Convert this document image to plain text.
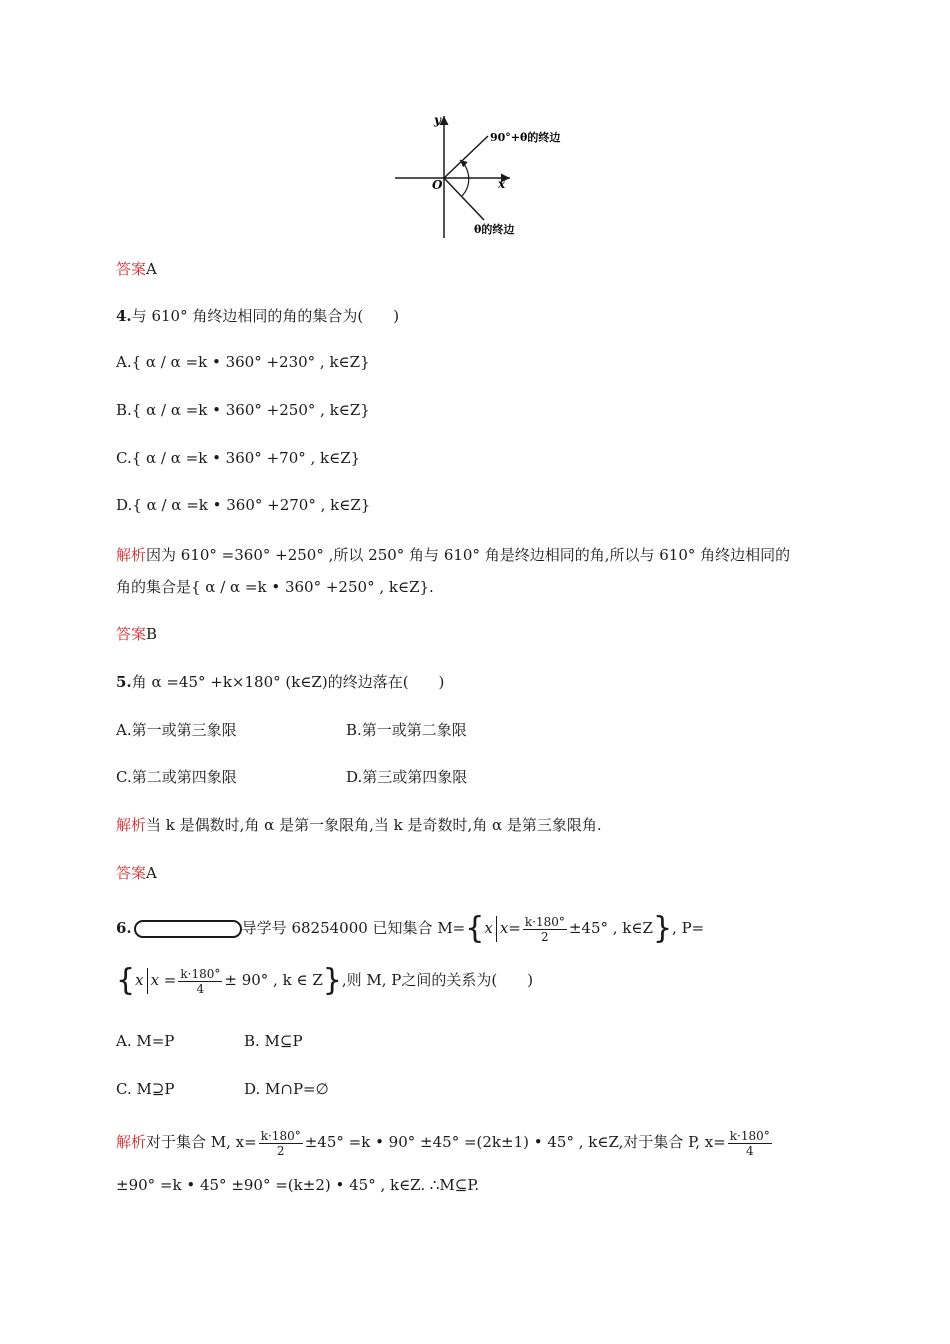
y
x
O
90°+θ的终边
θ的终边
答案A
4.与 610° 角终边相同的角的集合为(　　)
A.{ α / α =k • 360° +230° , k∈Z}
B.{ α / α =k • 360° +250° , k∈Z}
C.{ α / α =k • 360° +70° , k∈Z}
D.{ α / α =k • 360° +270° , k∈Z}
解析因为 610° =360° +250° ,所以 250° 角与 610° 角是终边相同的角,所以与 610° 角终边相同的
角的集合是{ α / α =k • 360° +250° , k∈Z}.
答案B
5.角 α =45° +k×180° (k∈Z)的终边落在(　　)
A.第一或第三象限	B.第一或第二象限
C.第二或第四象限	D.第三或第四象限
解析当 k 是偶数时,角 α 是第一象限角,当 k 是奇数时,角 α 是第三象限角.
答案A
6.	导学号 68254000 已知集合 M={x $x= \frac{k\cdot 180^\circ}{2} \pm 45^\circ$ , k∈Z}, P=
{x $x = \frac{k\cdot 180^\circ}{4} \pm 90^\circ$ , k ∈ Z},则 M, P之间的关系为(　　)
A. M=P	B. M⊆P
C. M⊇P	D. M∩P=∅
解析对于集合 M, $x= \frac{k\cdot 180^\circ}{2} \pm 45^\circ =k$ • 90° ±45° =(2k±1) • 45° , k∈Z,对于集合 P, $x= \frac{k\cdot 180^\circ}{4}$
±90° =k • 45° ±90° =(k±2) • 45° , k∈Z. ∴M⊆P.
